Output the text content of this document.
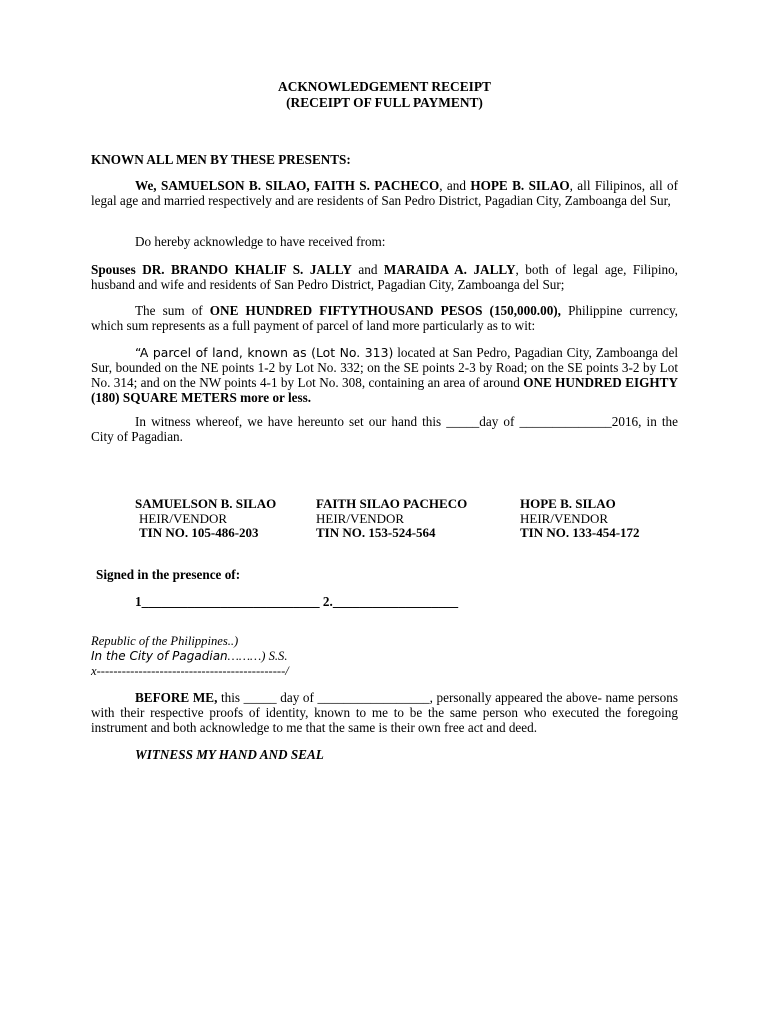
ACKNOWLEDGEMENT RECEIPT
(RECEIPT OF FULL PAYMENT)
KNOWN ALL MEN BY THESE PRESENTS:

We, SAMUELSON B. SILAO, FAITH S. PACHECO, and HOPE B. SILAO, all Filipinos, all of legal age and married respectively and are residents of San Pedro District, Pagadian City, Zamboanga del Sur,

Do hereby acknowledge to have received from:

Spouses DR. BRANDO KHALIF S. JALLY and MARAIDA A. JALLY, both of legal age, Filipino, husband and wife and residents of San Pedro District, Pagadian City, Zamboanga del Sur;

The sum of ONE HUNDRED FIFTYTHOUSAND PESOS (150,000.00), Philippine currency, which sum represents as a full payment of parcel of land more particularly as to wit:

“A parcel of land, known as (Lot No. 313) located at San Pedro, Pagadian City, Zamboanga del Sur, bounded on the NE points 1-2 by Lot No. 332; on the SE points 2-3 by Road; on the SE points 3-2 by Lot No. 314; and on the NW points 4-1 by Lot No. 308, containing an area of around ONE HUNDRED EIGHTY (180) SQUARE METERS more or less.

In witness whereof, we have hereunto set our hand this _____day of ______________2016, in the City of Pagadian.

SAMUELSON B. SILAO
HEIR/VENDOR
TIN NO. 105-486-203
FAITH SILAO PACHECO
HEIR/VENDOR
TIN NO. 153-524-564
HOPE B. SILAO
HEIR/VENDOR
TIN NO. 133-454-172
Signed in the presence of:
1___________________________ 2.___________________
Republic of the Philippines..)
In the City of Pagadian………) S.S.
x---------------------------------------------/

BEFORE ME, this _____ day of _________________, personally appeared the above- name persons with their respective proofs of identity, known to me to be the same person who executed the foregoing instrument and both acknowledge to me that the same is their own free act and deed.

WITNESS MY HAND AND SEAL
